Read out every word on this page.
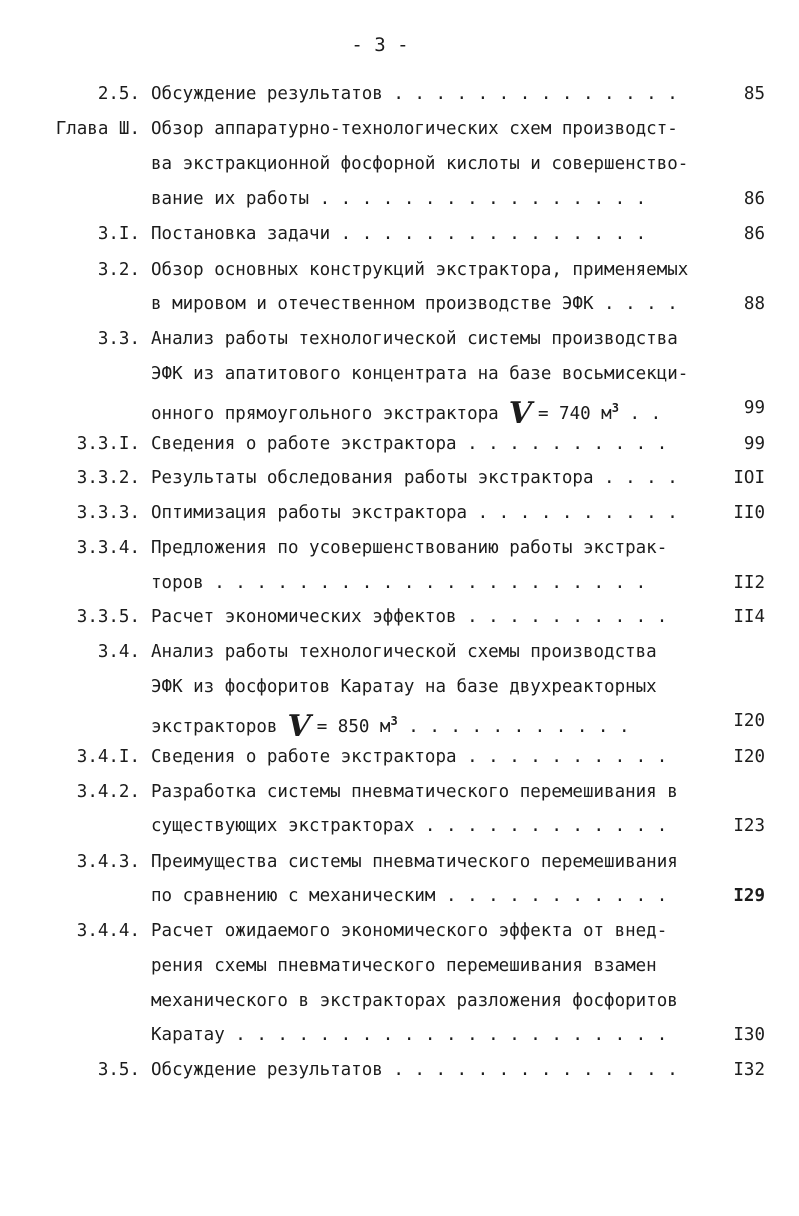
- 3 -
2.5. Обсуждение результатов . . . . . . . . . . . . . .	85
Глава Ш. Обзор аппаратурно-технологических схем производст-
ва экстракционной фосфорной кислоты и совершенство-
вание их работы . . . . . . . . . . . . . . . .	86
3.I. Постановка задачи . . . . . . . . . . . . . . .	86
3.2. Обзор основных конструкций экстрактора, применяемых
в мировом и отечественном производстве ЭФК . . . .	88
3.3. Анализ работы технологической системы производства
ЭФК из апатитового концентрата на базе восьмисекци-
онного прямоугольного экстрактора V = 740 $м^3$ . .	99
3.3.I. Сведения о работе экстрактора . . . . . . . . . .	99
3.3.2. Результаты обследования работы экстрактора . . . .	IOI
3.3.3. Оптимизация работы экстрактора . . . . . . . . . .	II0
3.3.4. Предложения по усовершенствованию работы экстрак-
торов . . . . . . . . . . . . . . . . . . . . .	II2
3.3.5. Расчет экономических эффектов . . . . . . . . . .	II4
3.4. Анализ работы технологической схемы производства
ЭФК из фосфоритов Каратау на базе двухреакторных
экстракторов V = 850 $м^3$ . . . . . . . . . . .	I20
3.4.I. Сведения о работе экстрактора . . . . . . . . . .	I20
3.4.2. Разработка системы пневматического перемешивания в
существующих экстракторах . . . . . . . . . . . .	I23
3.4.3. Преимущества системы пневматического перемешивания
по сравнению с механическим . . . . . . . . . . .	I29
3.4.4. Расчет ожидаемого экономического эффекта от внед-
рения схемы пневматического перемешивания взамен
механического в экстракторах разложения фосфоритов
Каратау . . . . . . . . . . . . . . . . . . . . .	I30
3.5. Обсуждение результатов . . . . . . . . . . . . . .	I32
